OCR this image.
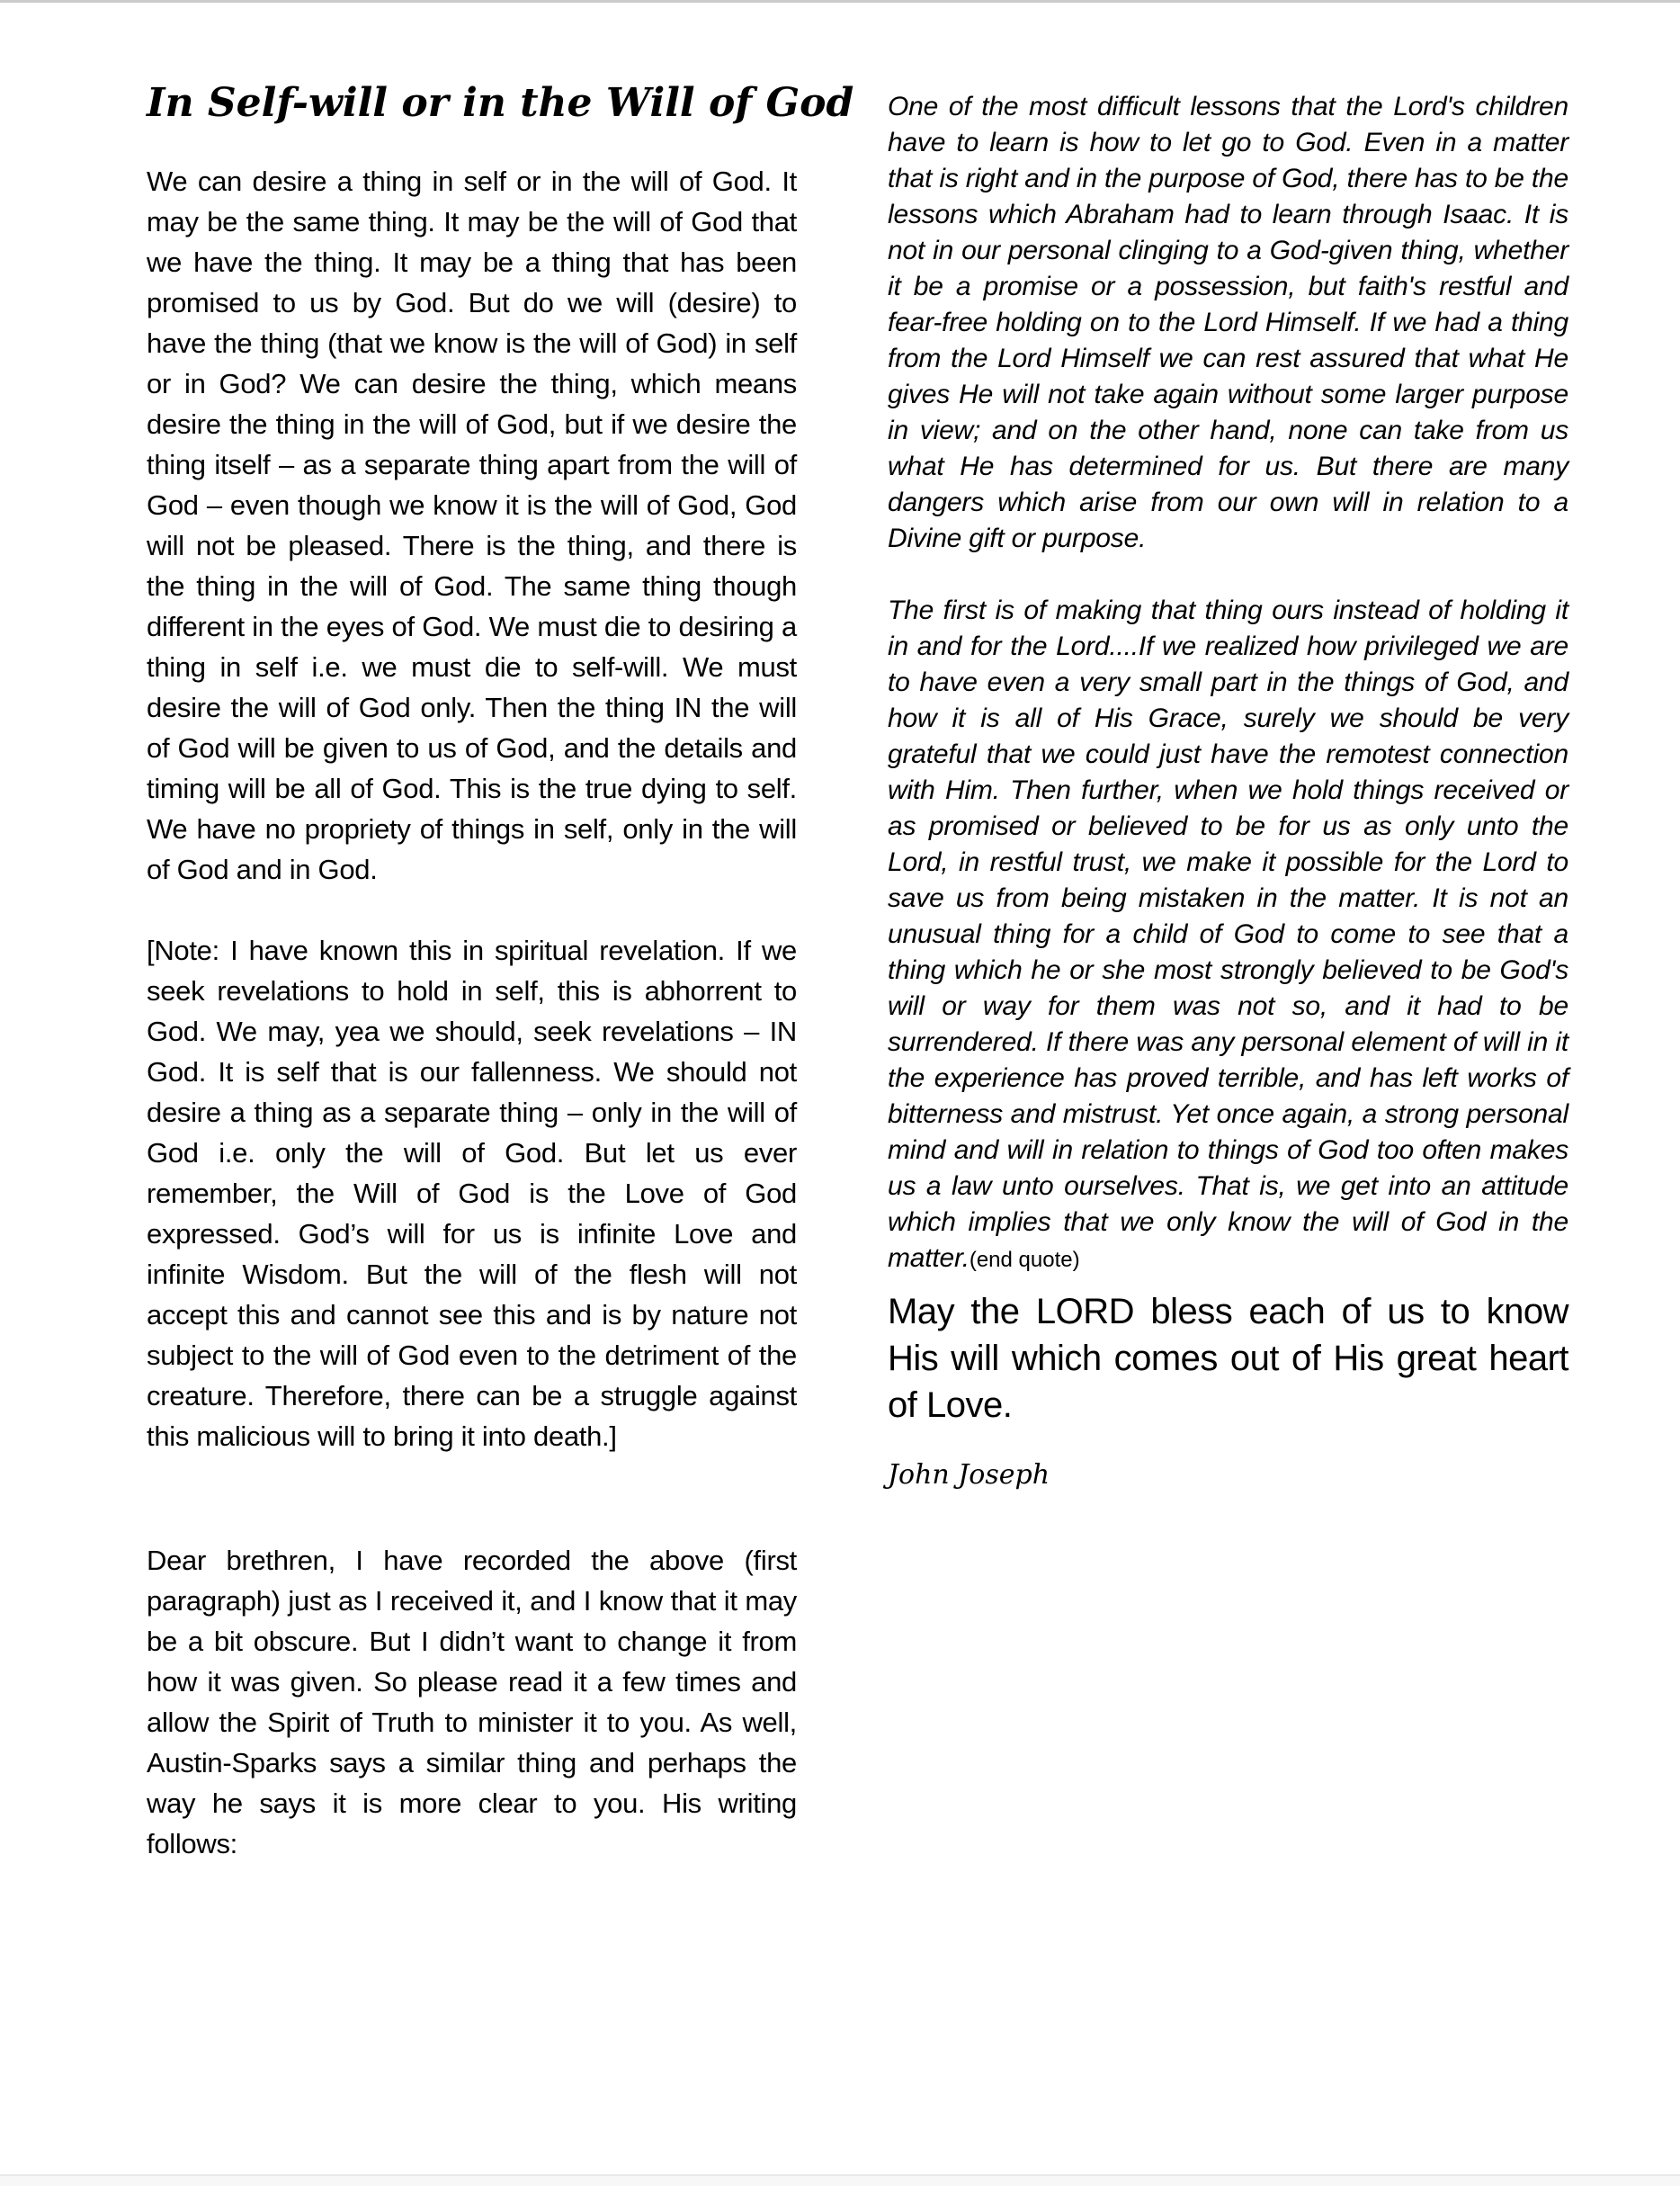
In Self-will or in the Will of God

We can desire a thing in self or in the will of God. It may be the same thing. It may be the will of God that we have the thing. It may be a thing that has been promised to us by God. But do we will (desire) to have the thing (that we know is the will of God) in self or in God? We can desire the thing, which means desire the thing in the will of God, but if we desire the thing itself – as a separate thing apart from the will of God – even though we know it is the will of God, God will not be pleased. There is the thing, and there is the thing in the will of God. The same thing though different in the eyes of God. We must die to desiring a thing in self i.e. we must die to self-will. We must desire the will of God only. Then the thing IN the will of God will be given to us of God, and the details and timing will be all of God. This is the true dying to self. We have no propriety of things in self, only in the will of God and in God.

[Note: I have known this in spiritual revelation. If we seek revelations to hold in self, this is abhorrent to God. We may, yea we should, seek revelations – IN God. It is self that is our fallenness. We should not desire a thing as a separate thing – only in the will of God i.e. only the will of God. But let us ever remember, the Will of God is the Love of God expressed. God’s will for us is infinite Love and infinite Wisdom. But the will of the flesh will not accept this and cannot see this and is by nature not subject to the will of God even to the detriment of the creature. Therefore, there can be a struggle against this malicious will to bring it into death.]

Dear brethren, I have recorded the above (first paragraph) just as I received it, and I know that it may be a bit obscure. But I didn’t want to change it from how it was given. So please read it a few times and allow the Spirit of Truth to minister it to you. As well, Austin-Sparks says a similar thing and perhaps the way he says it is more clear to you. His writing follows:

One of the most difficult lessons that the Lord's children have to learn is how to let go to God. Even in a matter that is right and in the purpose of God, there has to be the lessons which Abraham had to learn through Isaac. It is not in our personal clinging to a God-given thing, whether it be a promise or a possession, but faith's restful and fear-free holding on to the Lord Himself. If we had a thing from the Lord Himself we can rest assured that what He gives He will not take again without some larger purpose in view; and on the other hand, none can take from us what He has determined for us. But there are many dangers which arise from our own will in relation to a Divine gift or purpose.

The first is of making that thing ours instead of holding it in and for the Lord....If we realized how privileged we are to have even a very small part in the things of God, and how it is all of His Grace, surely we should be very grateful that we could just have the remotest connection with Him. Then further, when we hold things received or as promised or believed to be for us as only unto the Lord, in restful trust, we make it possible for the Lord to save us from being mistaken in the matter. It is not an unusual thing for a child of God to come to see that a thing which he or she most strongly believed to be God's will or way for them was not so, and it had to be surrendered. If there was any personal element of will in it the experience has proved terrible, and has left works of bitterness and mistrust. Yet once again, a strong personal mind and will in relation to things of God too often makes us a law unto ourselves. That is, we get into an attitude which implies that we only know the will of God in the matter.(end quote)

May the LORD bless each of us to know His will which comes out of His great heart of Love.

John Joseph
